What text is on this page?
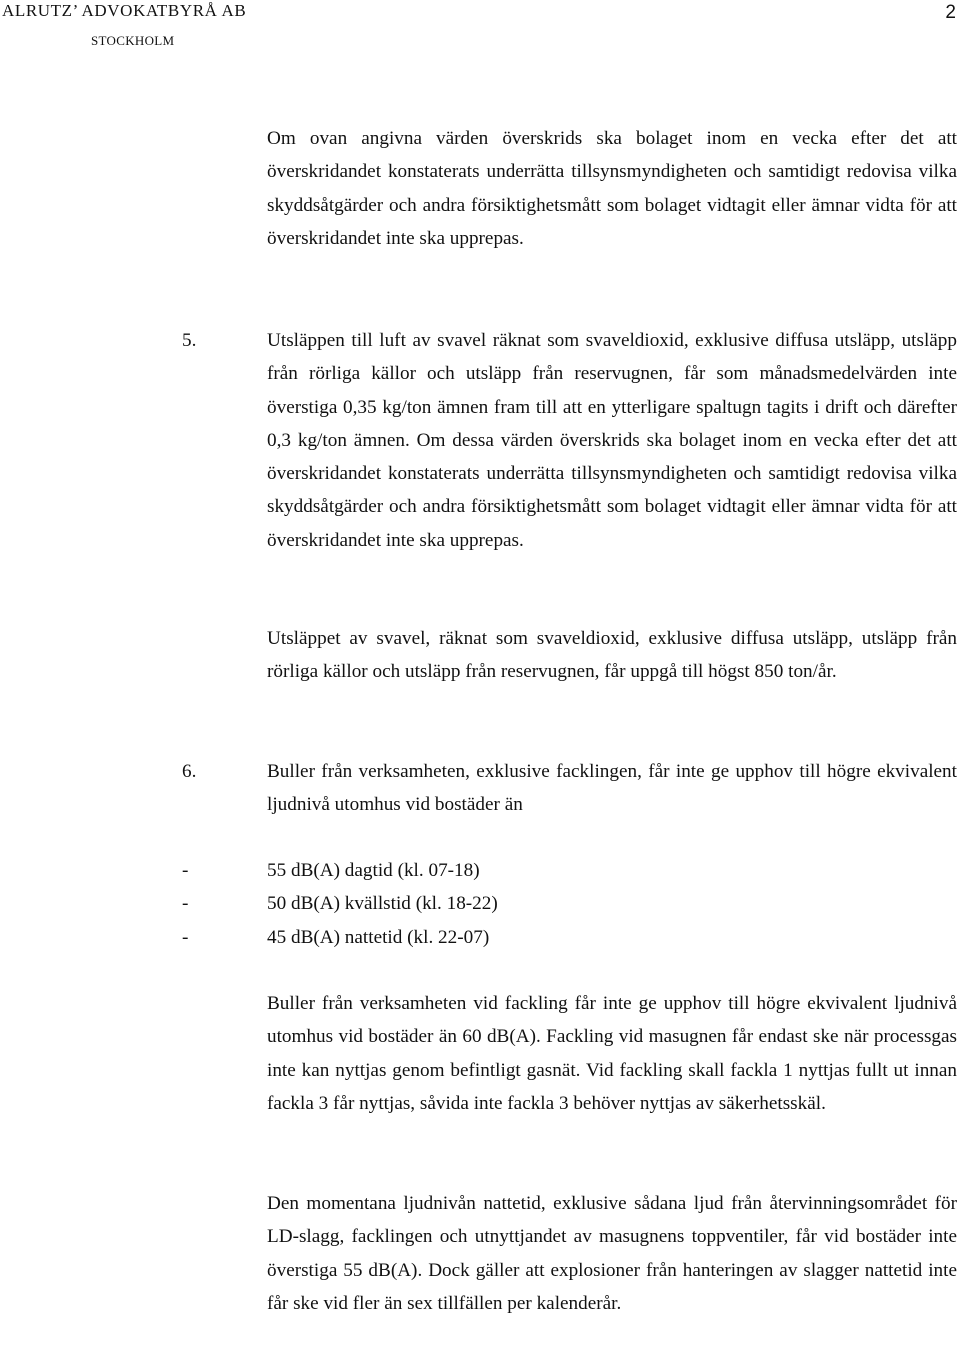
ALRUTZ’ ADVOKATBYRÅ AB
STOCKHOLM
2

Om ovan angivna värden överskrids ska bolaget inom en vecka efter det att överskridandet konstaterats underrätta tillsynsmyndigheten och samtidigt redovisa vilka skyddsåtgärder och andra försiktighetsmått som bolaget vidtagit eller ämnar vidta för att överskridandet inte ska upprepas.

5.	Utsläppen till luft av svavel räknat som svaveldioxid, exklusive diffusa utsläpp, utsläpp från rörliga källor och utsläpp från reservugnen, får som månadsmedelvärden inte överstiga 0,35 kg/ton ämnen fram till att en ytterligare spaltugn tagits i drift och därefter 0,3 kg/ton ämnen. Om dessa värden överskrids ska bolaget inom en vecka efter det att överskridandet konstaterats underrätta tillsynsmyndigheten och samtidigt redovisa vilka skyddsåtgärder och andra försiktighetsmått som bolaget vidtagit eller ämnar vidta för att överskridandet inte ska upprepas.

Utsläppet av svavel, räknat som svaveldioxid, exklusive diffusa utsläpp, utsläpp från rörliga källor och utsläpp från reservugnen, får uppgå till högst 850 ton/år.

6.	Buller från verksamheten, exklusive facklingen, får inte ge upphov till högre ekvivalent ljudnivå utomhus vid bostäder än

-	55 dB(A) dagtid (kl. 07-18)
-	50 dB(A) kvällstid (kl. 18-22)
-	45 dB(A) nattetid (kl. 22-07)

Buller från verksamheten vid fackling får inte ge upphov till högre ekvivalent ljudnivå utomhus vid bostäder än 60 dB(A). Fackling vid masugnen får endast ske när processgas inte kan nyttjas genom befintligt gasnät. Vid fackling skall fackla 1 nyttjas fullt ut innan fackla 3 får nyttjas, såvida inte fackla 3 behöver nyttjas av säkerhetsskäl.

Den momentana ljudnivån nattetid, exklusive sådana ljud från återvinningsområdet för LD-slagg, facklingen och utnyttjandet av masugnens toppventiler, får vid bostäder inte överstiga 55 dB(A). Dock gäller att explosioner från hanteringen av slagger nattetid inte får ske vid fler än sex tillfällen per kalenderår.
